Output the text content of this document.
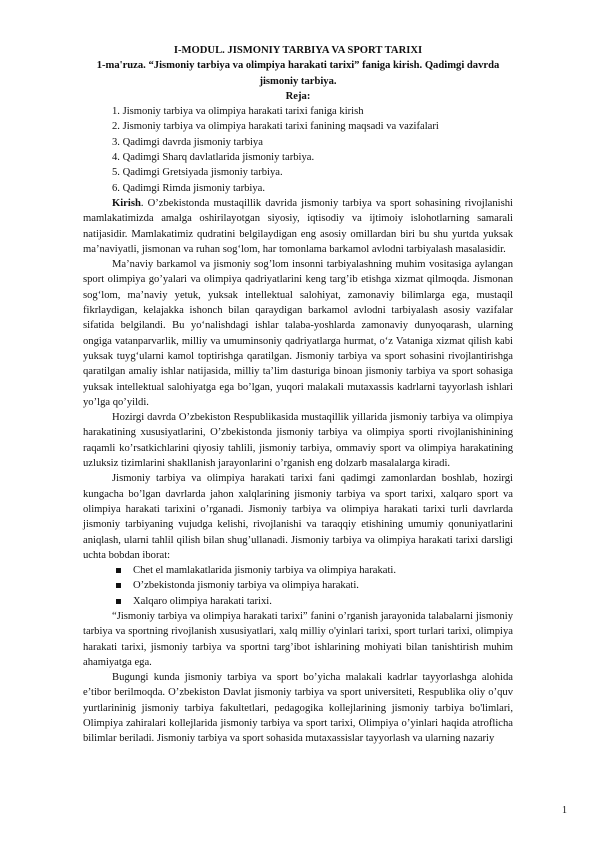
I-MODUL. JISMONIY TARBIYA VA SPORT TARIXI

1-ma'ruza. “Jismoniy tarbiya va olimpiya harakati tarixi” faniga kirish. Qadimgi davrda jismoniy tarbiya.

Reja:

1. Jismoniy tarbiya va olimpiya harakati tarixi faniga kirish
2. Jismoniy tarbiya va olimpiya harakati tarixi fanining maqsadi va vazifalari
3. Qadimgi davrda jismoniy tarbiya
4. Qadimgi Sharq davlatlarida jismoniy tarbiya.
5. Qadimgi Gretsiyada jismoniy tarbiya.
6. Qadimgi Rimda jismoniy tarbiya.

Kirish. O’zbekistonda mustaqillik davrida jismoniy tarbiya va sport sohasining rivojlanishi mamlakatimizda amalga oshirilayotgan siyosiy, iqtisodiy va ijtimoiy islohotlarning samarali natijasidir. Mamlakatimiz qudratini belgilaydigan eng asosiy omillardan biri bu shu yurtda yuksak ma’naviyatli, jismonan va ruhan sog‘lom, har tomonlama barkamol avlodni tarbiyalash masalasidir.

Ma’naviy barkamol va jismoniy sog’lom insonni tarbiyalashning muhim vositasiga aylangan sport olimpiya go’yalari va olimpiya qadriyatlarini keng targ’ib etishga xizmat qilmoqda. Jismonan sog‘lom, ma’naviy yetuk, yuksak intellektual salohiyat, zamonaviy bilimlarga ega, mustaqil fikrlaydigan, kelajakka ishonch bilan qaraydigan barkamol avlodni tarbiyalash asosiy vazifalar sifatida belgilandi. Bu yo‘nalishdagi ishlar talaba-yoshlarda zamonaviy dunyoqarash, ularning ongiga vatanparvarlik, milliy va umuminsoniy qadriyatlarga hurmat, o‘z Vataniga xizmat qilish kabi yuksak tuyg‘ularni kamol toptirishga qaratilgan. Jismoniy tarbiya va sport sohasini rivojlantirishga qaratilgan amaliy ishlar natijasida, milliy ta’lim dasturiga binoan jismoniy tarbiya va sport sohasiga yuksak intellektual salohiyatga ega bo’lgan, yuqori malakali mutaxassis kadrlarni tayyorlash ishlari yo’lga qo’yildi.

Hozirgi davrda O’zbekiston Respublikasida mustaqillik yillarida jismoniy tarbiya va olimpiya harakatining xususiyatlarini, O’zbekistonda jismoniy tarbiya va olimpiya sporti rivojlanishinining raqamli ko’rsatkichlarini qiyosiy tahlili, jismoniy tarbiya, ommaviy sport va olimpiya harakatining uzluksiz tizimlarini shakllanish jarayonlarini o’rganish eng dolzarb masalalarga kiradi.

Jismoniy tarbiya va olimpiya harakati tarixi fani qadimgi zamonlardan boshlab, hozirgi kungacha bo’lgan davrlarda jahon xalqlarining jismoniy tarbiya va sport tarixi, xalqaro sport va olimpiya harakati tarixini o’rganadi. Jismoniy tarbiya va olimpiya harakati tarixi turli davrlarda jismoniy tarbiyaning vujudga kelishi, rivojlanishi va taraqqiy etishining umumiy qonuniyatlarini aniqlash, ularni tahlil qilish bilan shug’ullanadi. Jismoniy tarbiya va olimpiya harakati tarixi darsligi uchta bobdan iborat:

Chet el mamlakatlarida jismoniy tarbiya va olimpiya harakati.
O’zbekistonda jismoniy tarbiya va olimpiya harakati.
Xalqaro olimpiya harakati tarixi.

“Jismoniy tarbiya va olimpiya harakati tarixi” fanini o’rganish jarayonida talabalarni jismoniy tarbiya va sportning rivojlanish xususiyatlari, xalq milliy o'yinlari tarixi, sport turlari tarixi, olimpiya harakati tarixi, jismoniy tarbiya va sportni targ’ibot ishlarining mohiyati bilan tanishtirish muhim ahamiyatga ega.

Bugungi kunda jismoniy tarbiya va sport bo’yicha malakali kadrlar tayyorlashga alohida e’tibor berilmoqda. O’zbekiston Davlat jismoniy tarbiya va sport universiteti, Respublika oliy o’quv yurtlarininig jismoniy tarbiya fakultetlari, pedagogika kollejlarining jismoniy tarbiya bo'limlari, Olimpiya zahiralari kollejlarida jismoniy tarbiya va sport tarixi, Olimpiya o’yinlari haqida atroflicha bilimlar beriladi. Jismoniy tarbiya va sport sohasida mutaxassislar tayyorlash va ularning nazariy

1
